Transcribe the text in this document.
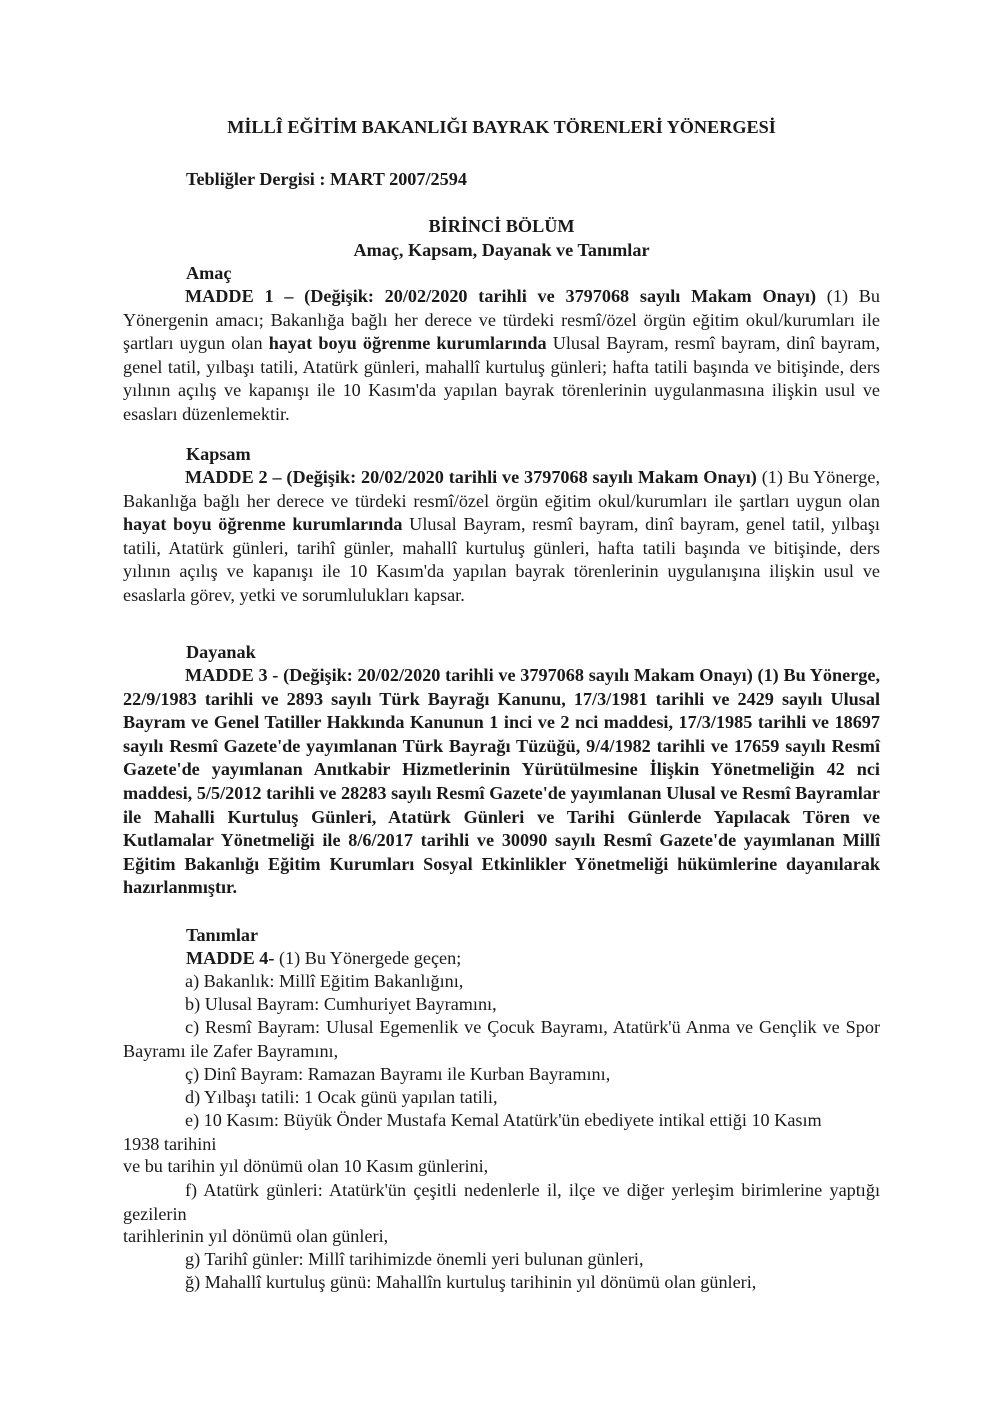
MİLLÎ EĞİTİM BAKANLIĞI BAYRAK TÖRENLERİ YÖNERGESİ
Tebliğler Dergisi : MART 2007/2594
BİRİNCİ BÖLÜM
Amaç, Kapsam, Dayanak ve Tanımlar
Amaç

MADDE 1 – (Değişik: 20/02/2020 tarihli ve 3797068 sayılı Makam Onayı) (1) Bu Yönergenin amacı; Bakanlığa bağlı her derece ve türdeki resmî/özel örgün eğitim okul/kurumları ile şartları uygun olan hayat boyu öğrenme kurumlarında Ulusal Bayram, resmî bayram, dinî bayram, genel tatil, yılbaşı tatili, Atatürk günleri, mahallî kurtuluş günleri; hafta tatili başında ve bitişinde, ders yılının açılış ve kapanışı ile 10 Kasım'da yapılan bayrak törenlerinin uygulanmasına ilişkin usul ve esasları düzenlemektir.

Kapsam

MADDE 2 – (Değişik: 20/02/2020 tarihli ve 3797068 sayılı Makam Onayı) (1) Bu Yönerge, Bakanlığa bağlı her derece ve türdeki resmî/özel örgün eğitim okul/kurumları ile şartları uygun olan hayat boyu öğrenme kurumlarında Ulusal Bayram, resmî bayram, dinî bayram, genel tatil, yılbaşı tatili, Atatürk günleri, tarihî günler, mahallî kurtuluş günleri, hafta tatili başında ve bitişinde, ders yılının açılış ve kapanışı ile 10 Kasım'da yapılan bayrak törenlerinin uygulanışına ilişkin usul ve esaslarla görev, yetki ve sorumlulukları kapsar.

Dayanak

MADDE 3 - (Değişik: 20/02/2020 tarihli ve 3797068 sayılı Makam Onayı) (1) Bu Yönerge, 22/9/1983 tarihli ve 2893 sayılı Türk Bayrağı Kanunu, 17/3/1981 tarihli ve 2429 sayılı Ulusal Bayram ve Genel Tatiller Hakkında Kanunun 1 inci ve 2 nci maddesi, 17/3/1985 tarihli ve 18697 sayılı Resmî Gazete'de yayımlanan Türk Bayrağı Tüzüğü, 9/4/1982 tarihli ve 17659 sayılı Resmî Gazete'de yayımlanan Anıtkabir Hizmetlerinin Yürütülmesine İlişkin Yönetmeliğin 42 nci maddesi, 5/5/2012 tarihli ve 28283 sayılı Resmî Gazete'de yayımlanan Ulusal ve Resmî Bayramlar ile Mahalli Kurtuluş Günleri, Atatürk Günleri ve Tarihi Günlerde Yapılacak Tören ve Kutlamalar Yönetmeliği ile 8/6/2017 tarihli ve 30090 sayılı Resmî Gazete'de yayımlanan Millî Eğitim Bakanlığı Eğitim Kurumları Sosyal Etkinlikler Yönetmeliği hükümlerine dayanılarak hazırlanmıştır.

Tanımlar
MADDE 4- (1) Bu Yönergede geçen;
a) Bakanlık: Millî Eğitim Bakanlığını,
b) Ulusal Bayram: Cumhuriyet Bayramını,

c) Resmî Bayram: Ulusal Egemenlik ve Çocuk Bayramı, Atatürk'ü Anma ve Gençlik ve Spor Bayramı ile Zafer Bayramını,

ç) Dinî Bayram: Ramazan Bayramı ile Kurban Bayramını,
d) Yılbaşı tatili: 1 Ocak günü yapılan tatili,
e) 10 Kasım: Büyük Önder Mustafa Kemal Atatürk'ün ebediyete intikal ettiği 10 Kasım 1938 tarihini
ve bu tarihin yıl dönümü olan 10 Kasım günlerini,

f) Atatürk günleri: Atatürk'ün çeşitli nedenlerle il, ilçe ve diğer yerleşim birimlerine yaptığı gezilerin

tarihlerinin yıl dönümü olan günleri,
g) Tarihî günler: Millî tarihimizde önemli yeri bulunan günleri,
ğ) Mahallî kurtuluş günü: Mahallîn kurtuluş tarihinin yıl dönümü olan günleri,
